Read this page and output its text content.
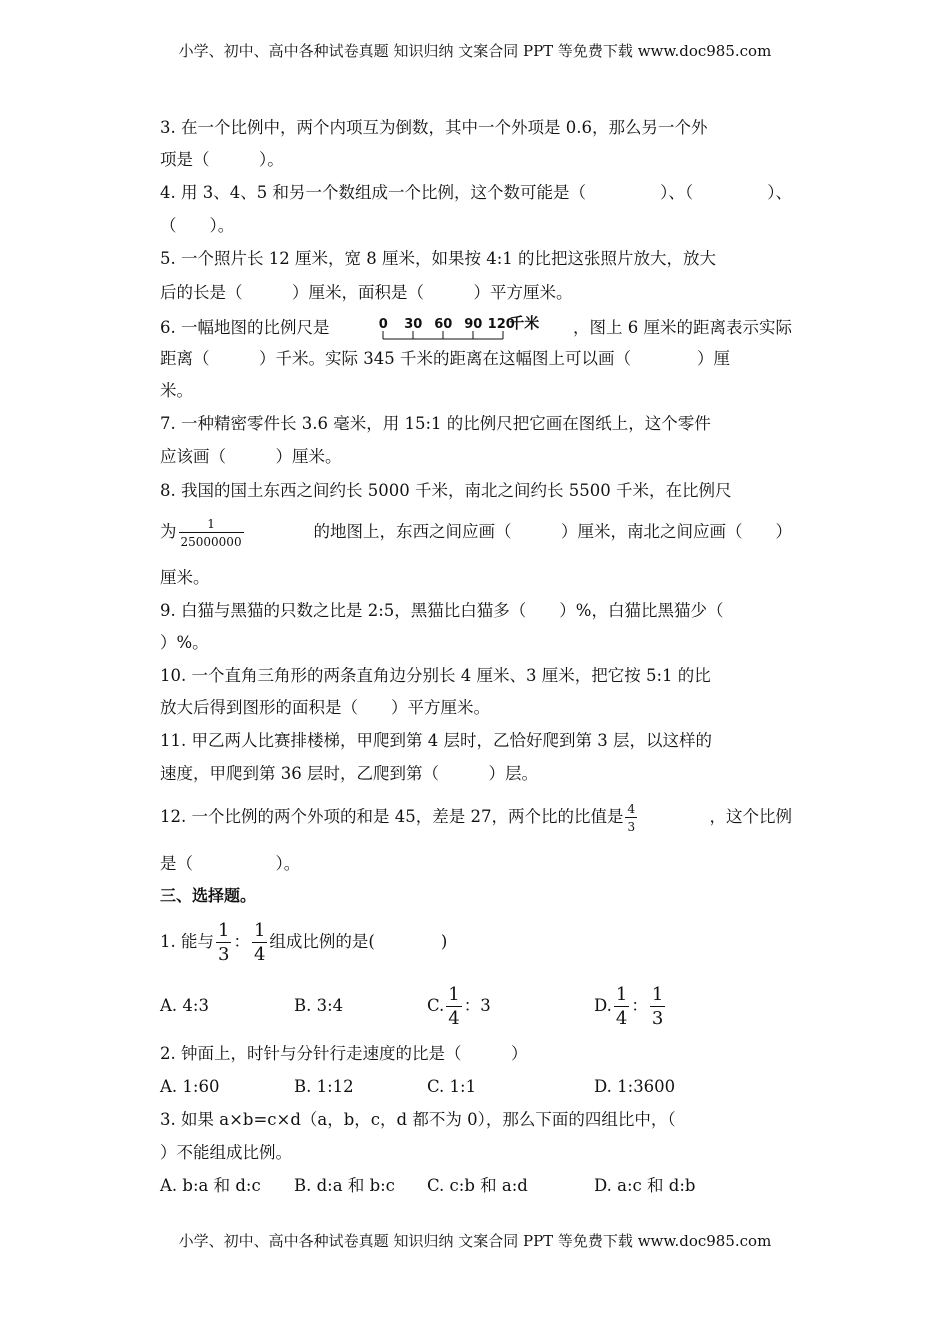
小学、初中、高中各种试卷真题 知识归纳 文案合同 PPT 等免费下载 www.doc985.com
3. 在一个比例中，两个内项互为倒数，其中一个外项是 0.6，那么另一个外
项是（　　　）。
4. 用 3、4、5 和另一个数组成一个比例，这个数可能是（	）、（	）、
（　　）。
5. 一个照片长 12 厘米，宽 8 厘米，如果按 4:1 的比把这张照片放大，放大
后的长是（　　　）厘米，面积是（　　　）平方厘米。
6. 一幅地图的比例尺是	0 30 60 90 120
千米 ，图上 6 厘米的距离表示实际
距离（　　　）千米。实际 345 千米的距离在这幅图上可以画（　　　　）厘
米。
7. 一种精密零件长 3.6 毫米，用 15:1 的比例尺把它画在图纸上，这个零件
应该画（　　　）厘米。
8. 我国的国土东西之间约长 5000 千米，南北之间约长 5500 千米，在比例尺
为 $\frac{1}{25000000}$	的地图上，东西之间应画（　　　）厘米，南北之间应画（　　）
厘米。
9. 白猫与黑猫的只数之比是 2:5，黑猫比白猫多（　　）%，白猫比黑猫少（
）%。
10. 一个直角三角形的两条直角边分别长 4 厘米、3 厘米，把它按 5:1 的比
放大后得到图形的面积是（　　）平方厘米。
11. 甲乙两人比赛排楼梯，甲爬到第 4 层时，乙恰好爬到第 3 层，以这样的
速度，甲爬到第 36 层时，乙爬到第（　　　）层。
12. 一个比例的两个外项的和是 45，差是 27，两个比的比值是 $\frac{4}{3}$	，这个比例
是（　　　　　）。
三、选择题。
1. 能与 $\frac{1}{3}$ ： $\frac{1}{4}$ 组成比例的是(　　　　)
A. 4:3	B. 3:4	C. $\frac{1}{4}$ ：3	D. $\frac{1}{4}$ ： $\frac{1}{3}$
2. 钟面上，时针与分针行走速度的比是（　　　）
A. 1:60	B. 1:12	C. 1:1	D. 1:3600
3. 如果 a×b=c×d（a，b，c，d 都不为 0），那么下面的四组比中，（
）不能组成比例。
A. b:a 和 d:c B. d:a 和 b:c C. c:b 和 a:d	D. a:c 和 d:b
小学、初中、高中各种试卷真题 知识归纳 文案合同 PPT 等免费下载 www.doc985.com
